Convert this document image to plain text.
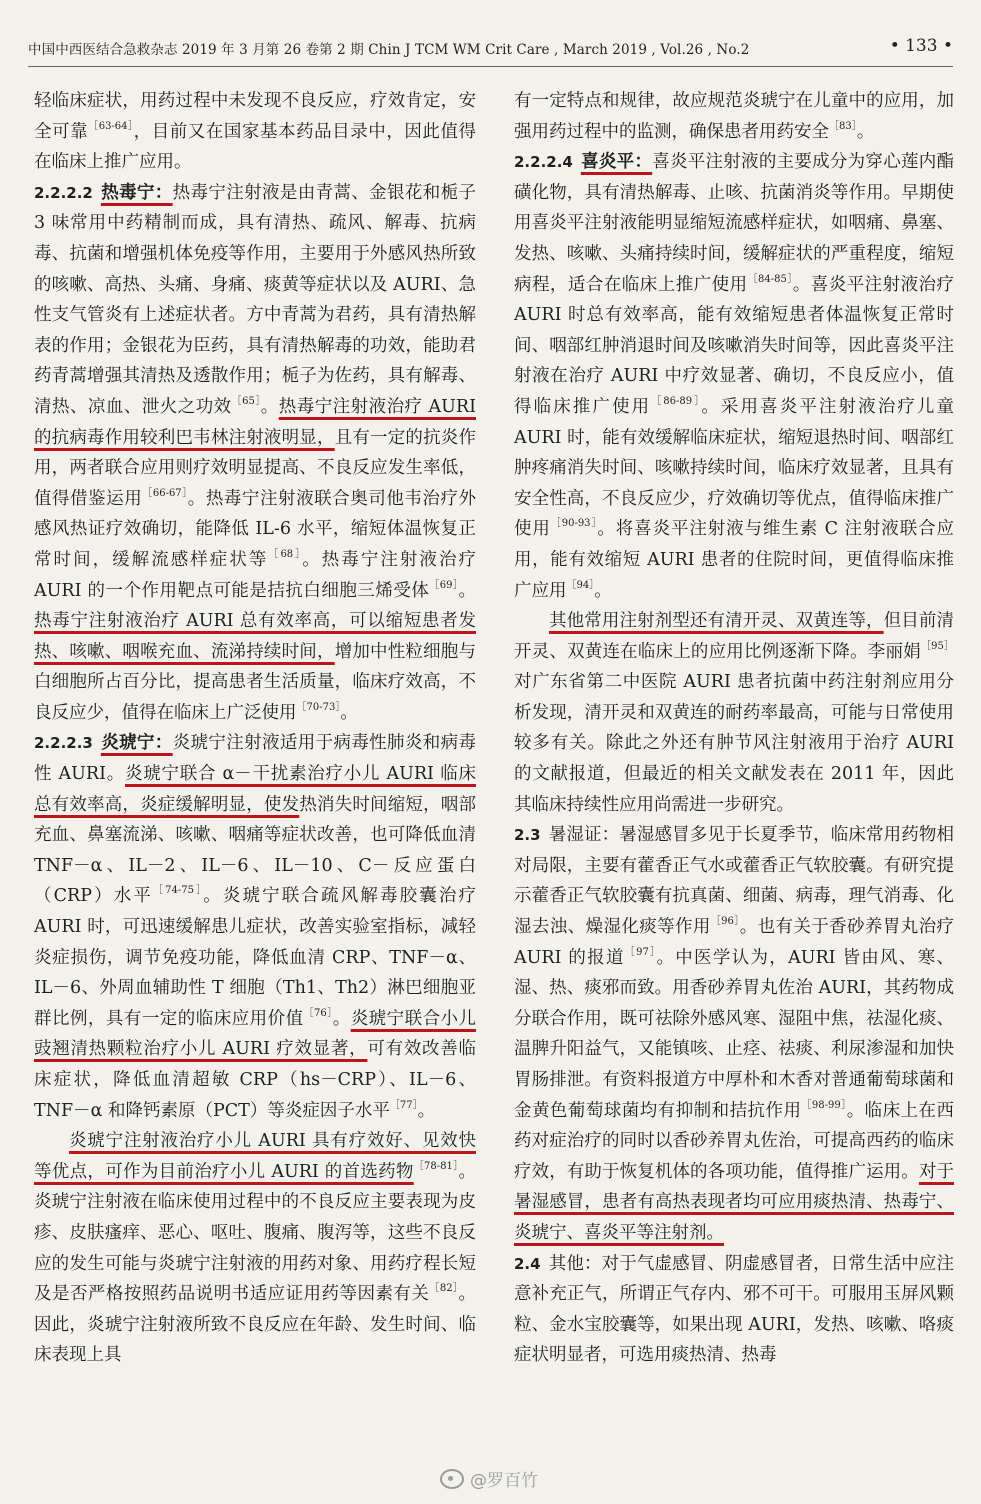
中国中西医结合急救杂志 2019 年 3 月第 26 卷第 2 期 Chin J TCM WM Crit Care , March 2019 , Vol.26 , No.2	• 133 •

轻临床症状，用药过程中未发现不良反应，疗效肯定，安全可靠$^{[63-64]}$，目前又在国家基本药品目录中，因此值得在临床上推广应用。

2.2.2.2 热毒宁：热毒宁注射液是由青蒿、金银花和栀子 3 味常用中药精制而成，具有清热、疏风、解毒、抗病毒、抗菌和增强机体免疫等作用，主要用于外感风热所致的咳嗽、高热、头痛、身痛、痰黄等症状以及 AURI、急性支气管炎有上述症状者。方中青蒿为君药，具有清热解表的作用；金银花为臣药，具有清热解毒的功效，能助君药青蒿增强其清热及透散作用；栀子为佐药，具有解毒、清热、凉血、泄火之功效$^{[65]}$。热毒宁注射液治疗 AURI 的抗病毒作用较利巴韦林注射液明显，且有一定的抗炎作用，两者联合应用则疗效明显提高、不良反应发生率低，值得借鉴运用$^{[66-67]}$。热毒宁注射液联合奥司他韦治疗外感风热证疗效确切，能降低 IL-6 水平，缩短体温恢复正常时间，缓解流感样症状等$^{[68]}$。热毒宁注射液治疗 AURI 的一个作用靶点可能是拮抗白细胞三烯受体$^{[69]}$。热毒宁注射液治疗 AURI 总有效率高，可以缩短患者发热、咳嗽、咽喉充血、流涕持续时间，增加中性粒细胞与白细胞所占百分比，提高患者生活质量，临床疗效高，不良反应少，值得在临床上广泛使用$^{[70-73]}$。

2.2.2.3 炎琥宁：炎琥宁注射液适用于病毒性肺炎和病毒性 AURI。炎琥宁联合 α－干扰素治疗小儿 AURI 临床总有效率高，炎症缓解明显，使发热消失时间缩短，咽部充血、鼻塞流涕、咳嗽、咽痛等症状改善，也可降低血清 TNF－α、IL－2、IL－6、IL－10、C－反应蛋白（CRP）水平$^{[74-75]}$。炎琥宁联合疏风解毒胶囊治疗 AURI 时，可迅速缓解患儿症状，改善实验室指标，减轻炎症损伤，调节免疫功能，降低血清 CRP、TNF－α、IL－6、外周血辅助性 T 细胞（Th1、Th2）淋巴细胞亚群比例，具有一定的临床应用价值$^{[76]}$。炎琥宁联合小儿豉翘清热颗粒治疗小儿 AURI 疗效显著，可有效改善临床症状，降低血清超敏 CRP（hs－CRP）、IL－6、TNF－α 和降钙素原（PCT）等炎症因子水平$^{[77]}$。

炎琥宁注射液治疗小儿 AURI 具有疗效好、见效快等优点，可作为目前治疗小儿 AURI 的首选药物$^{[78-81]}$。炎琥宁注射液在临床使用过程中的不良反应主要表现为皮疹、皮肤瘙痒、恶心、呕吐、腹痛、腹泻等，这些不良反应的发生可能与炎琥宁注射液的用药对象、用药疗程长短及是否严格按照药品说明书适应证用药等因素有关$^{[82]}$。因此，炎琥宁注射液所致不良反应在年龄、发生时间、临床表现上具

有一定特点和规律，故应规范炎琥宁在儿童中的应用，加强用药过程中的监测，确保患者用药安全$^{[83]}$。

2.2.2.4 喜炎平：喜炎平注射液的主要成分为穿心莲内酯磺化物，具有清热解毒、止咳、抗菌消炎等作用。早期使用喜炎平注射液能明显缩短流感样症状，如咽痛、鼻塞、发热、咳嗽、头痛持续时间，缓解症状的严重程度，缩短病程，适合在临床上推广使用$^{[84-85]}$。喜炎平注射液治疗 AURI 时总有效率高，能有效缩短患者体温恢复正常时间、咽部红肿消退时间及咳嗽消失时间等，因此喜炎平注射液在治疗 AURI 中疗效显著、确切，不良反应小，值得临床推广使用$^{[86-89]}$。采用喜炎平注射液治疗儿童 AURI 时，能有效缓解临床症状，缩短退热时间、咽部红肿疼痛消失时间、咳嗽持续时间，临床疗效显著，且具有安全性高，不良反应少，疗效确切等优点，值得临床推广使用$^{[90-93]}$。将喜炎平注射液与维生素 C 注射液联合应用，能有效缩短 AURI 患者的住院时间，更值得临床推广应用$^{[94]}$。

其他常用注射剂型还有清开灵、双黄连等，但目前清开灵、双黄连在临床上的应用比例逐渐下降。李丽娟$^{[95]}$对广东省第二中医院 AURI 患者抗菌中药注射剂应用分析发现，清开灵和双黄连的耐药率最高，可能与日常使用较多有关。除此之外还有肿节风注射液用于治疗 AURI 的文献报道，但最近的相关文献发表在 2011 年，因此其临床持续性应用尚需进一步研究。

2.3 暑湿证：暑湿感冒多见于长夏季节，临床常用药物相对局限，主要有藿香正气水或藿香正气软胶囊。有研究提示藿香正气软胶囊有抗真菌、细菌、病毒，理气消毒、化湿去浊、燥湿化痰等作用$^{[96]}$。也有关于香砂养胃丸治疗 AURI 的报道$^{[97]}$。中医学认为，AURI 皆由风、寒、湿、热、痰邪而致。用香砂养胃丸佐治 AURI，其药物成分联合作用，既可祛除外感风寒、湿阻中焦，祛湿化痰、温脾升阳益气，又能镇咳、止痉、祛痰、利尿渗湿和加快胃肠排泄。有资料报道方中厚朴和木香对普通葡萄球菌和金黄色葡萄球菌均有抑制和拮抗作用$^{[98-99]}$。临床上在西药对症治疗的同时以香砂养胃丸佐治，可提高西药的临床疗效，有助于恢复机体的各项功能，值得推广运用。对于暑湿感冒，患者有高热表现者均可应用痰热清、热毒宁、炎琥宁、喜炎平等注射剂。

2.4 其他：对于气虚感冒、阴虚感冒者，日常生活中应注意补充正气，所谓正气存内、邪不可干。可服用玉屏风颗粒、金水宝胶囊等，如果出现 AURI，发热、咳嗽、咯痰症状明显者，可选用痰热清、热毒

@罗百竹
